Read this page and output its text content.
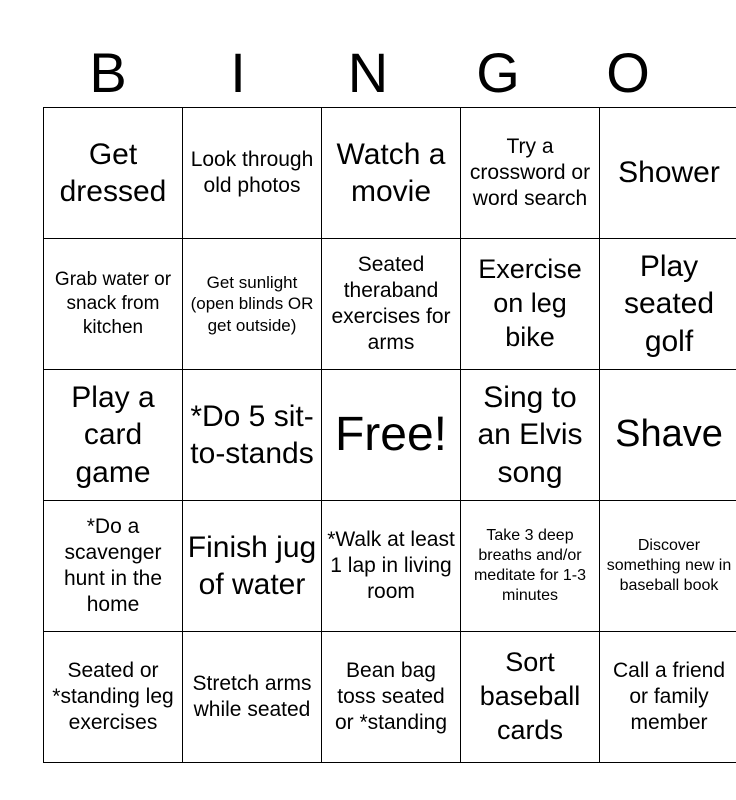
B	I	N	G	O
Get dressed	Look through old photos	Watch a movie	Try a crossword or word search	Shower
Grab water or snack from kitchen	Get sunlight (open blinds OR get outside)	Seated theraband exercises for arms	Exercise on leg bike	Play seated golf
Play a card game	*Do 5 sit-to-stands	Free!	Sing to an Elvis song	Shave
*Do a scavenger hunt in the home	Finish jug of water	*Walk at least 1 lap in living room	Take 3 deep breaths and/or meditate for 1-3 minutes	Discover something new in baseball book
Seated or *standing leg exercises	Stretch arms while seated	Bean bag toss seated or *standing	Sort baseball cards	Call a friend or family member
